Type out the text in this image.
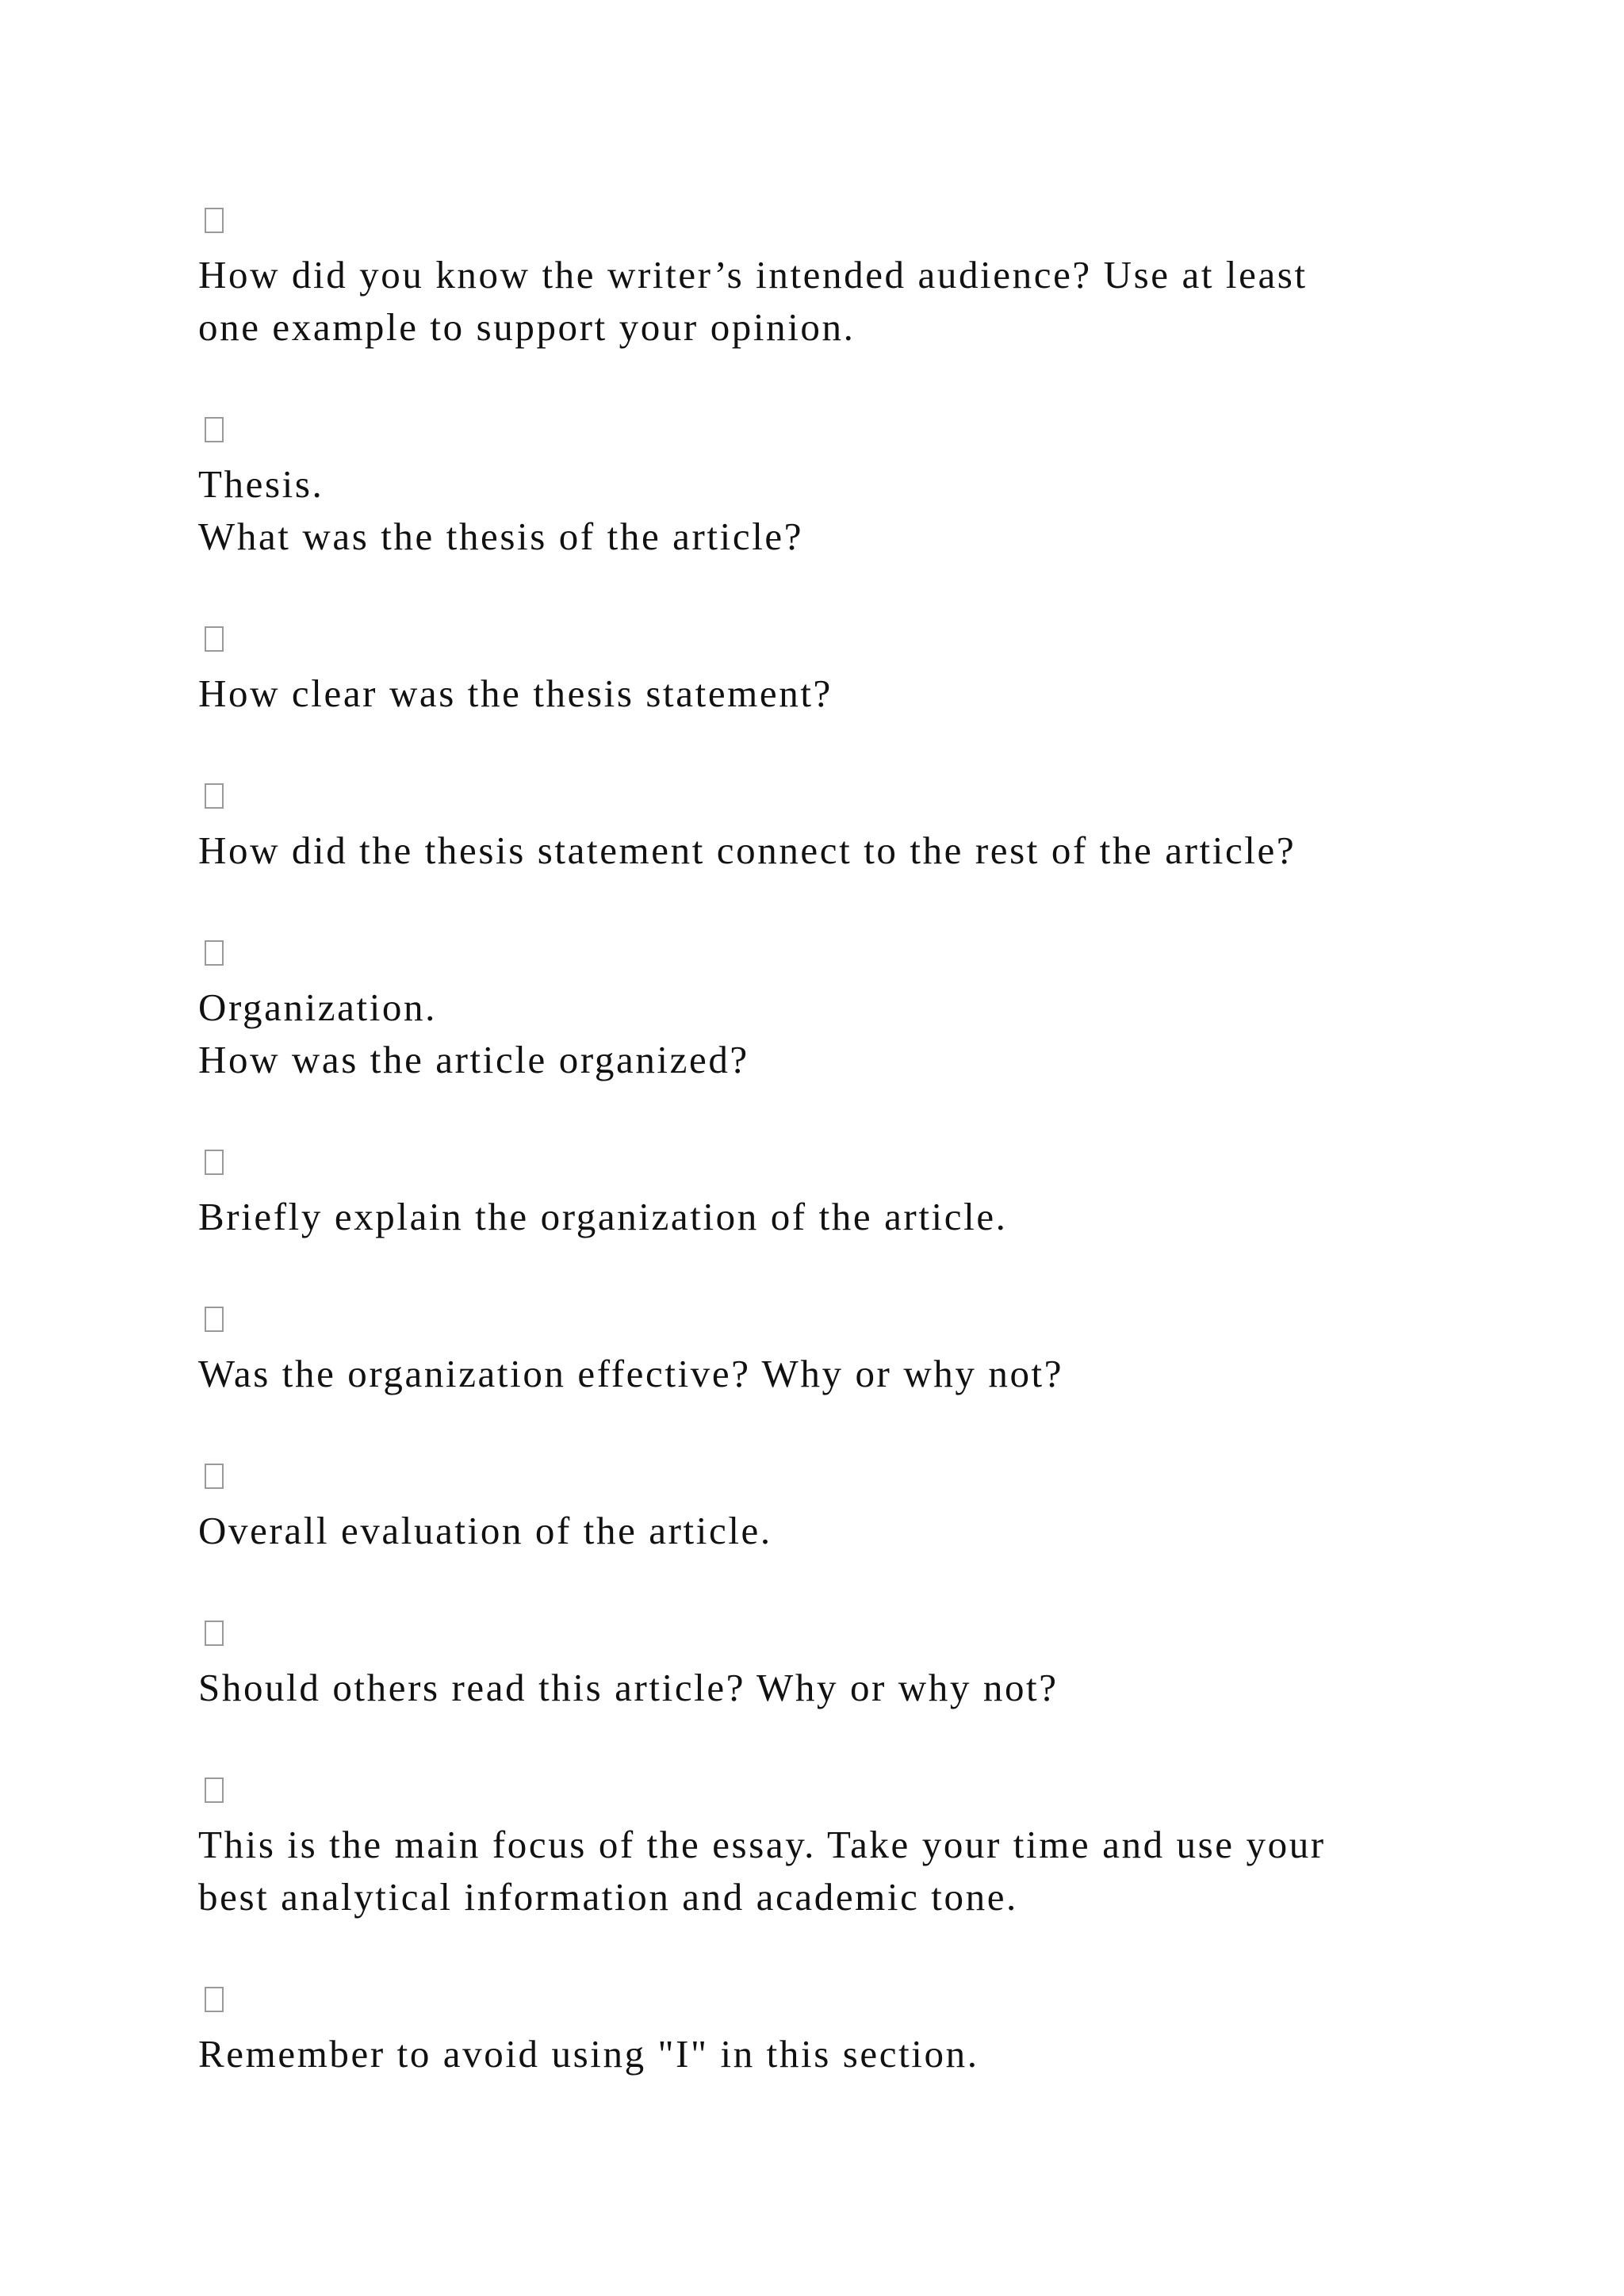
How did you know the writer’s intended audience? Use at least
one example to support your opinion.
Thesis.
What was the thesis of the article?
How clear was the thesis statement?
How did the thesis statement connect to the rest of the article?
Organization.
How was the article organized?
Briefly explain the organization of the article.
Was the organization effective? Why or why not?
Overall evaluation of the article.
Should others read this article? Why or why not?
This is the main focus of the essay. Take your time and use your
best analytical information and academic tone.
Remember to avoid using "I" in this section.
